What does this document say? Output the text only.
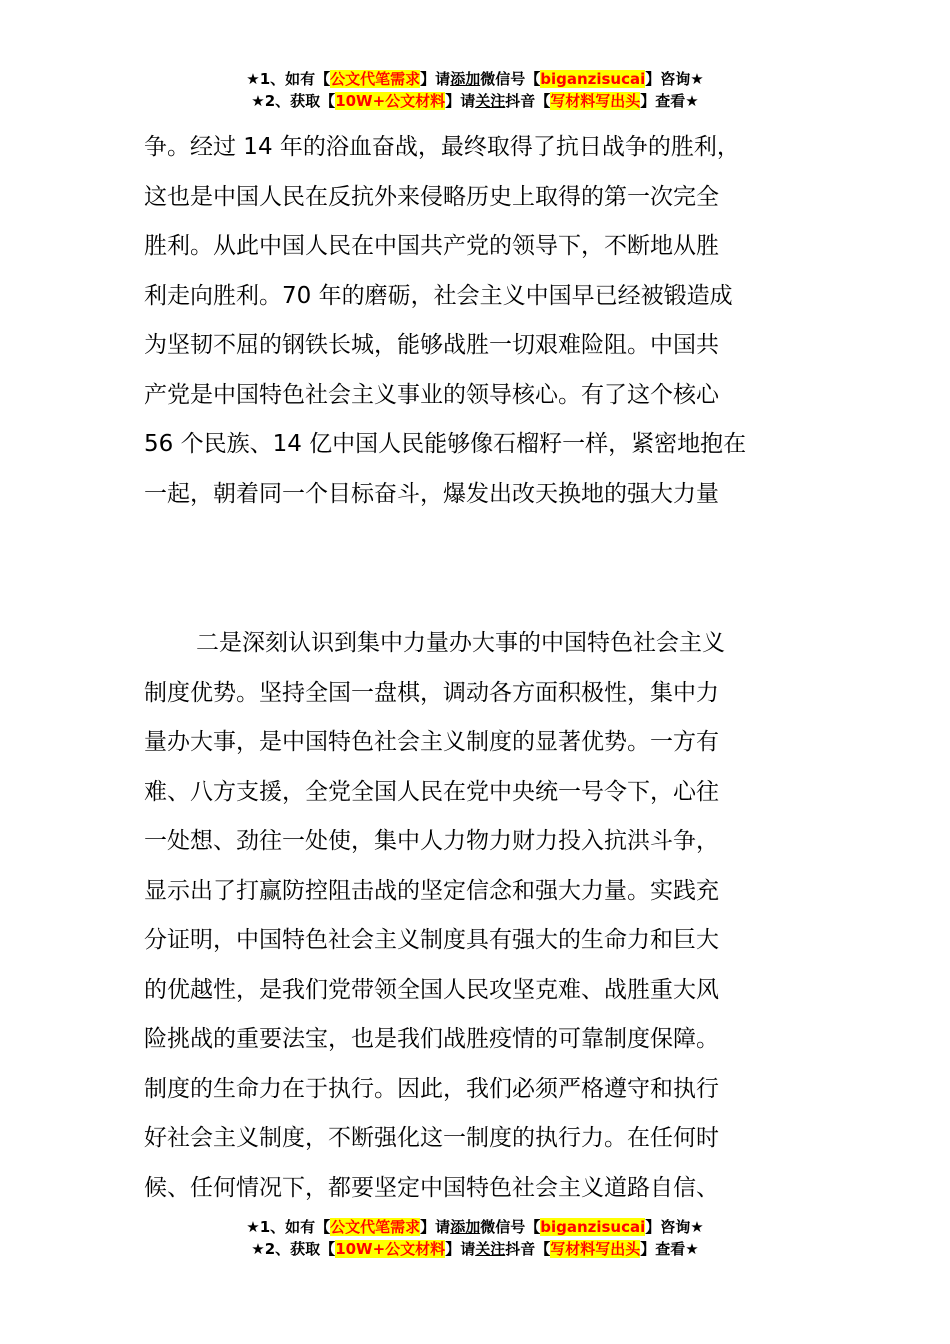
★1、如有【公文代笔需求】请添加微信号【biganzisucai】咨询★
★2、获取【10W+公文材料】请关注抖音【写材料写出头】查看★
争。经过 14 年的浴血奋战，最终取得了抗日战争的胜利，
这也是中国人民在反抗外来侵略历史上取得的第一次完全
胜利。从此中国人民在中国共产党的领导下，不断地从胜
利走向胜利。70 年的磨砺，社会主义中国早已经被锻造成
为坚韧不屈的钢铁长城，能够战胜一切艰难险阻。中国共
产党是中国特色社会主义事业的领导核心。有了这个核心
56 个民族、14 亿中国人民能够像石榴籽一样，紧密地抱在
一起，朝着同一个目标奋斗，爆发出改天换地的强大力量
二是深刻认识到集中力量办大事的中国特色社会主义
制度优势。坚持全国一盘棋，调动各方面积极性，集中力
量办大事，是中国特色社会主义制度的显著优势。一方有
难、八方支援，全党全国人民在党中央统一号令下，心往
一处想、劲往一处使，集中人力物力财力投入抗洪斗争，
显示出了打赢防控阻击战的坚定信念和强大力量。实践充
分证明，中国特色社会主义制度具有强大的生命力和巨大
的优越性，是我们党带领全国人民攻坚克难、战胜重大风
险挑战的重要法宝，也是我们战胜疫情的可靠制度保障。
制度的生命力在于执行。因此，我们必须严格遵守和执行
好社会主义制度，不断强化这一制度的执行力。在任何时
候、任何情况下，都要坚定中国特色社会主义道路自信、
★1、如有【公文代笔需求】请添加微信号【biganzisucai】咨询★
★2、获取【10W+公文材料】请关注抖音【写材料写出头】查看★
